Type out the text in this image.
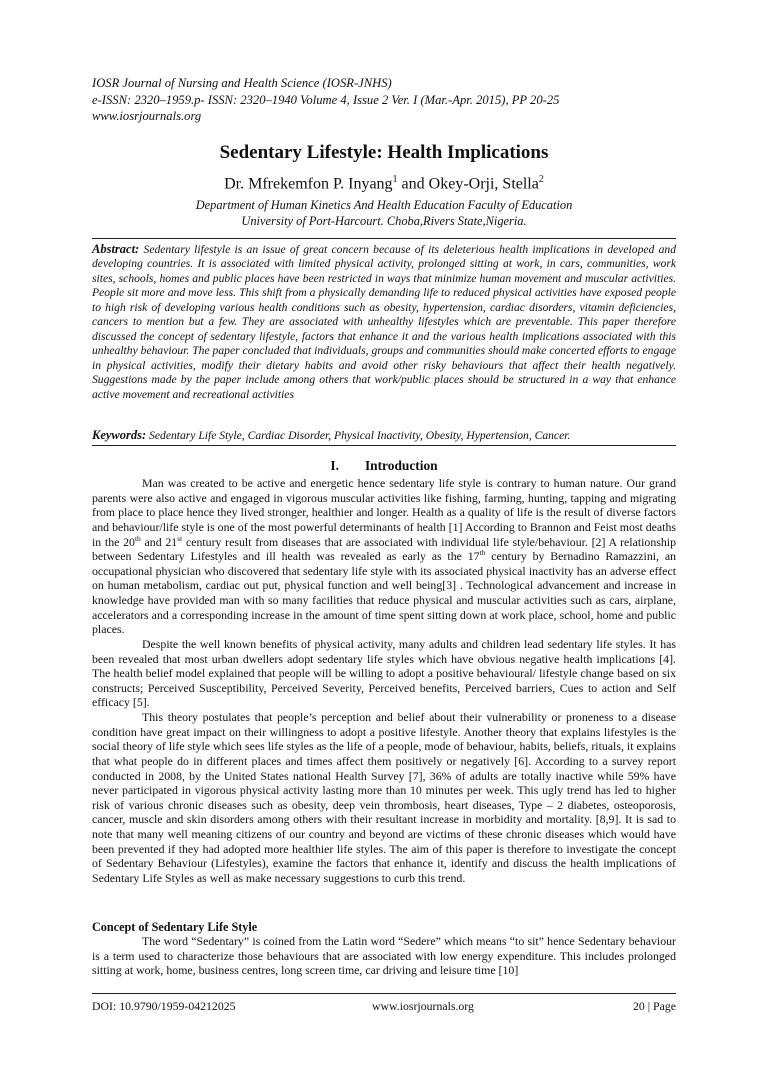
IOSR Journal of Nursing and Health Science (IOSR-JNHS)
e-ISSN: 2320–1959.p- ISSN: 2320–1940 Volume 4, Issue 2 Ver. I (Mar.-Apr. 2015), PP 20-25
www.iosrjournals.org
Sedentary Lifestyle: Health Implications
Dr. Mfrekemfon P. Inyang$^1$ and Okey-Orji, Stella$^2$
Department of Human Kinetics And Health Education Faculty of Education
University of Port-Harcourt. Choba,Rivers State,Nigeria.
Abstract: Sedentary lifestyle is an issue of great concern because of its deleterious health implications in developed and developing countries. It is associated with limited physical activity, prolonged sitting at work, in cars, communities, work sites, schools, homes and public places have been restricted in ways that minimize human movement and muscular activities. People sit more and move less. This shift from a physically demanding life to reduced physical activities have exposed people to high risk of developing various health conditions such as obesity, hypertension, cardiac disorders, vitamin deficiencies, cancers to mention but a few. They are associated with unhealthy lifestyles which are preventable. This paper therefore discussed the concept of sedentary lifestyle, factors that enhance it and the various health implications associated with this unhealthy behaviour. The paper concluded that individuals, groups and communities should make concerted efforts to engage in physical activities, modify their dietary habits and avoid other risky behaviours that affect their health negatively. Suggestions made by the paper include among others that work/public places should be structured in a way that enhance active movement and recreational activities
Keywords: Sedentary Life Style, Cardiac Disorder, Physical Inactivity, Obesity, Hypertension, Cancer.
I. Introduction

Man was created to be active and energetic hence sedentary life style is contrary to human nature. Our grand parents were also active and engaged in vigorous muscular activities like fishing, farming, hunting, tapping and migrating from place to place hence they lived stronger, healthier and longer. Health as a quality of life is the result of diverse factors and behaviour/life style is one of the most powerful determinants of health [1] According to Brannon and Feist most deaths in the 20th and 21st century result from diseases that are associated with individual life style/behaviour. [2] A relationship between Sedentary Lifestyles and ill health was revealed as early as the 17th century by Bernadino Ramazzini, an occupational physician who discovered that sedentary life style with its associated physical inactivity has an adverse effect on human metabolism, cardiac out put, physical function and well being[3] . Technological advancement and increase in knowledge have provided man with so many facilities that reduce physical and muscular activities such as cars, airplane, accelerators and a corresponding increase in the amount of time spent sitting down at work place, school, home and public places.

Despite the well known benefits of physical activity, many adults and children lead sedentary life styles. It has been revealed that most urban dwellers adopt sedentary life styles which have obvious negative health implications [4]. The health belief model explained that people will be willing to adopt a positive behavioural/ lifestyle change based on six constructs; Perceived Susceptibility, Perceived Severity, Perceived benefits, Perceived barriers, Cues to action and Self efficacy [5].

This theory postulates that people’s perception and belief about their vulnerability or proneness to a disease condition have great impact on their willingness to adopt a positive lifestyle. Another theory that explains lifestyles is the social theory of life style which sees life styles as the life of a people, mode of behaviour, habits, beliefs, rituals, it explains that what people do in different places and times affect them positively or negatively [6]. According to a survey report conducted in 2008, by the United States national Health Survey [7], 36% of adults are totally inactive while 59% have never participated in vigorous physical activity lasting more than 10 minutes per week. This ugly trend has led to higher risk of various chronic diseases such as obesity, deep vein thrombosis, heart diseases, Type – 2 diabetes, osteoporosis, cancer, muscle and skin disorders among others with their resultant increase in morbidity and mortality. [8,9]. It is sad to note that many well meaning citizens of our country and beyond are victims of these chronic diseases which would have been prevented if they had adopted more healthier life styles. The aim of this paper is therefore to investigate the concept of Sedentary Behaviour (Lifestyles), examine the factors that enhance it, identify and discuss the health implications of Sedentary Life Styles as well as make necessary suggestions to curb this trend.

Concept of Sedentary Life Style

The word “Sedentary” is coined from the Latin word “Sedere” which means “to sit” hence Sedentary behaviour is a term used to characterize those behaviours that are associated with low energy expenditure. This includes prolonged sitting at work, home, business centres, long screen time, car driving and leisure time [10]

DOI: 10.9790/1959-04212025	www.iosrjournals.org	20 | Page
